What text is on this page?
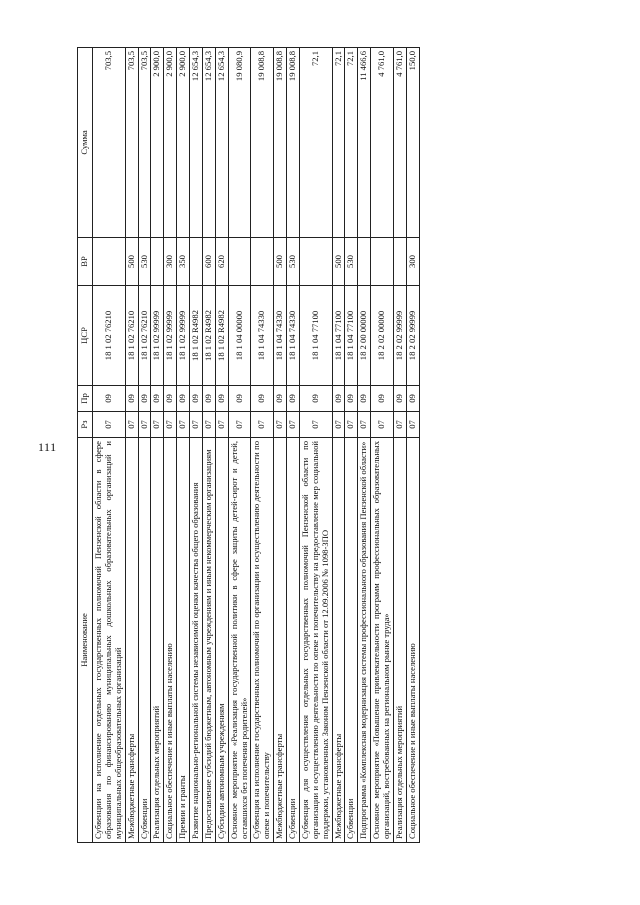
111
Наименование	Рз	Пр	ЦСР	ВР	Сумма
Субвенции на исполнение отдельных государственных полномочий Пензенской области в сфере образования по финансированию муниципальных дошкольных образовательных организаций и муниципальных общеобразовательных организаций	07	09	18 1 02 76210		703,5
Межбюджетные трансферты	07	09	18 1 02 76210	500	703,5
Субвенции	07	09	18 1 02 76210	530	703,5
Реализация отдельных мероприятий	07	09	18 1 02 99999		2 900,0
Социальное обеспечение и иные выплаты населению	07	09	18 1 02 99999	300	2 900,0
Премии и гранты	07	09	18 1 02 99999	350	2 900,0
Развитие национально-региональной системы независимой оценки качества общего образования	07	09	18 1 02 R4982		12 654,3
Предоставление субсидий бюджетным, автономным учреждениям и иным некоммерческим организациям	07	09	18 1 02 R4982	600	12 654,3
Субсидии автономным учреждениям	07	09	18 1 02 R4982	620	12 654,3
Основное мероприятие «Реализация государственной политики в сфере защиты детей-сирот и детей, оставшихся без попечения родителей»	07	09	18 1 04 00000		19 080,9
Субвенция на исполнение государственных полномочий по организации и осуществлению деятельности по опеке и попечительству	07	09	18 1 04 74330		19 008,8
Межбюджетные трансферты	07	09	18 1 04 74330	500	19 008,8
Субвенции	07	09	18 1 04 74330	530	19 008,8
Субвенция для осуществления отдельных государственных полномочий Пензенской области по организации и осуществлению деятельности по опеке и попечительству на предоставление мер социальной поддержки, установленных Законом Пензенской области от 12.09.2006 № 1098-ЗПО	07	09	18 1 04 77100		72,1
Межбюджетные трансферты	07	09	18 1 04 77100	500	72,1
Субвенции	07	09	18 1 04 77100	530	72,1
Подпрограмма «Комплексная модернизация системы профессионального образования Пензенской области»	07	09	18 2 00 00000		11 466,6
Основное мероприятие «Повышение привлекательности программ профессиональных образовательных организаций, востребованных на региональном рынке труда»	07	09	18 2 02 00000		4 761,0
Реализация отдельных мероприятий	07	09	18 2 02 99999		4 761,0
Социальное обеспечение и иные выплаты населению	07	09	18 2 02 99999	300	150,0
